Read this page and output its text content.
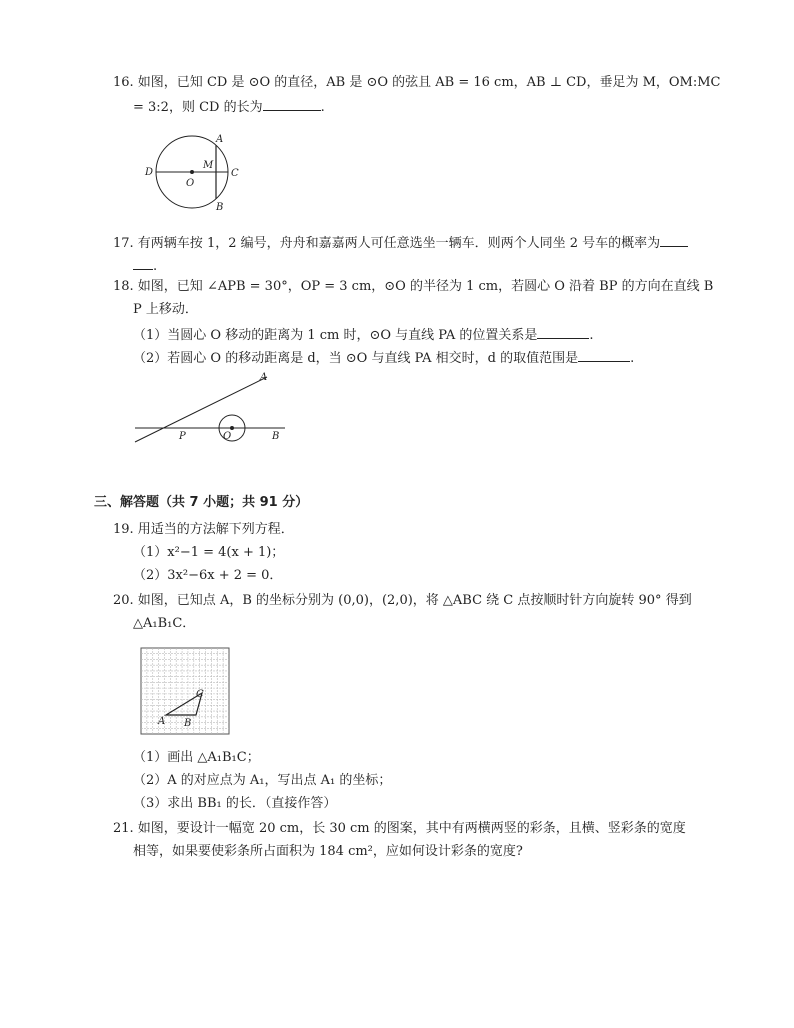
16. 如图，已知 CD 是 ⊙O 的直径，AB 是 ⊙O 的弦且 AB = 16 cm，AB ⊥ CD，垂足为 M，OM:MC
= 3:2，则 CD 的长为	.
A
B
C
D
M
O
17. 有两辆车按 1，2 编号，舟舟和嘉嘉两人可任意选坐一辆车．则两个人同坐 2 号车的概率为
.
18. 如图，已知 ∠APB = 30°，OP = 3 cm，⊙O 的半径为 1 cm，若圆心 O 沿着 BP 的方向在直线 B
P 上移动．
（1）当圆心 O 移动的距离为 1 cm 时，⊙O 与直线 PA 的位置关系是	.
（2）若圆心 O 的移动距离是 d，当 ⊙O 与直线 PA 相交时，d 的取值范围是	.
A
P	O	B
三、解答题（共 7 小题；共 91 分）
19. 用适当的方法解下列方程．
（1）x²−1 = 4(x + 1)；
（2）3x²−6x + 2 = 0．
20. 如图，已知点 A，B 的坐标分别为 (0,0)，(2,0)，将 △ABC 绕 C 点按顺时针方向旋转 90° 得到
△A₁B₁C．
A B
C
（1）画出 △A₁B₁C；
（2）A 的对应点为 A₁，写出点 A₁ 的坐标；
（3）求出 BB₁ 的长．（直接作答）
21. 如图，要设计一幅宽 20 cm，长 30 cm 的图案，其中有两横两竖的彩条，且横、竖彩条的宽度
相等，如果要使彩条所占面积为 184 cm²，应如何设计彩条的宽度?
